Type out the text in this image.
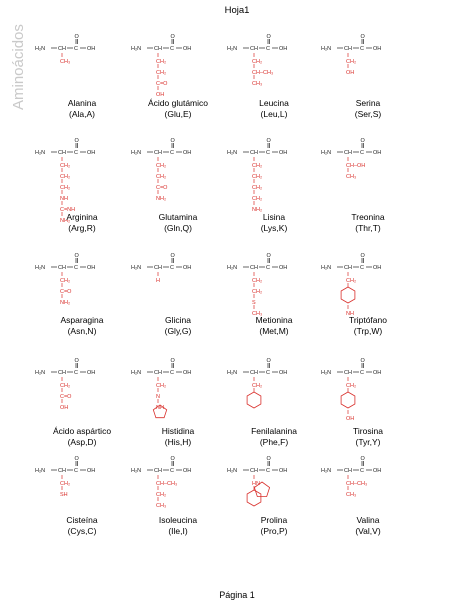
Hoja1
Aminoácidos H₂N CH C
O
OH
CH₃
Alanina
(Ala,A)
H₂N CH C
O
OH
CH₂
CH₂
C=O
OH
Ácido glutámico
(Glu,E)
H₂N CH C
O
OH
CH₂
CH–CH₃
CH₃
Leucina
(Leu,L)
H₂N CH C
O
OH
CH₂
OH
Serina
(Ser,S)
H₂N CH C
O
OH
CH₂
CH₂
CH₂
NH
C=NH
NH₂
Arginina
(Arg,R)
H₂N CH C
O
OH
CH₂
CH₂
C=O
NH₂
Glutamina
(Gln,Q)
H₂N CH C
O
OH
CH₂
CH₂
CH₂
CH₂
NH₂
Lisina
(Lys,K)
H₂N CH C
O
OH
CH–OH
CH₃
Treonina
(Thr,T)
H₂N CH C
O
OH
CH₂
C=O
NH₂
Asparagina
(Asn,N)
H₂N CH C
O
OH
H
Glicina
(Gly,G)
H₂N CH C
O
OH
CH₂
CH₂
S
CH₃
Metionina
(Met,M)
H₂N CH C
O
OH
CH₂
NH
Triptófano
(Trp,W)
H₂N CH C
O
OH
CH₂
C=O
OH
Ácido aspártico
(Asp,D)
H₂N CH C
O
OH
CH₂
N
NH
Histidina
(His,H)
H₂N CH C
O
OH
CH₂
Fenilalanina
(Phe,F)
H₂N CH C
O
OH
CH₂
OH
Tirosina
(Tyr,Y)
H₂N CH C
O
OH
CH₂
SH
Cisteína
(Cys,C)
H₂N CH C
O
OH
CH–CH₃
CH₂
CH₃
Isoleucina
(Ile,I)
H₂N CH C
O
OH
HN
Prolina
(Pro,P)
H₂N CH C
O
OH
CH–CH₃
CH₃
Valina
(Val,V)
Página 1
